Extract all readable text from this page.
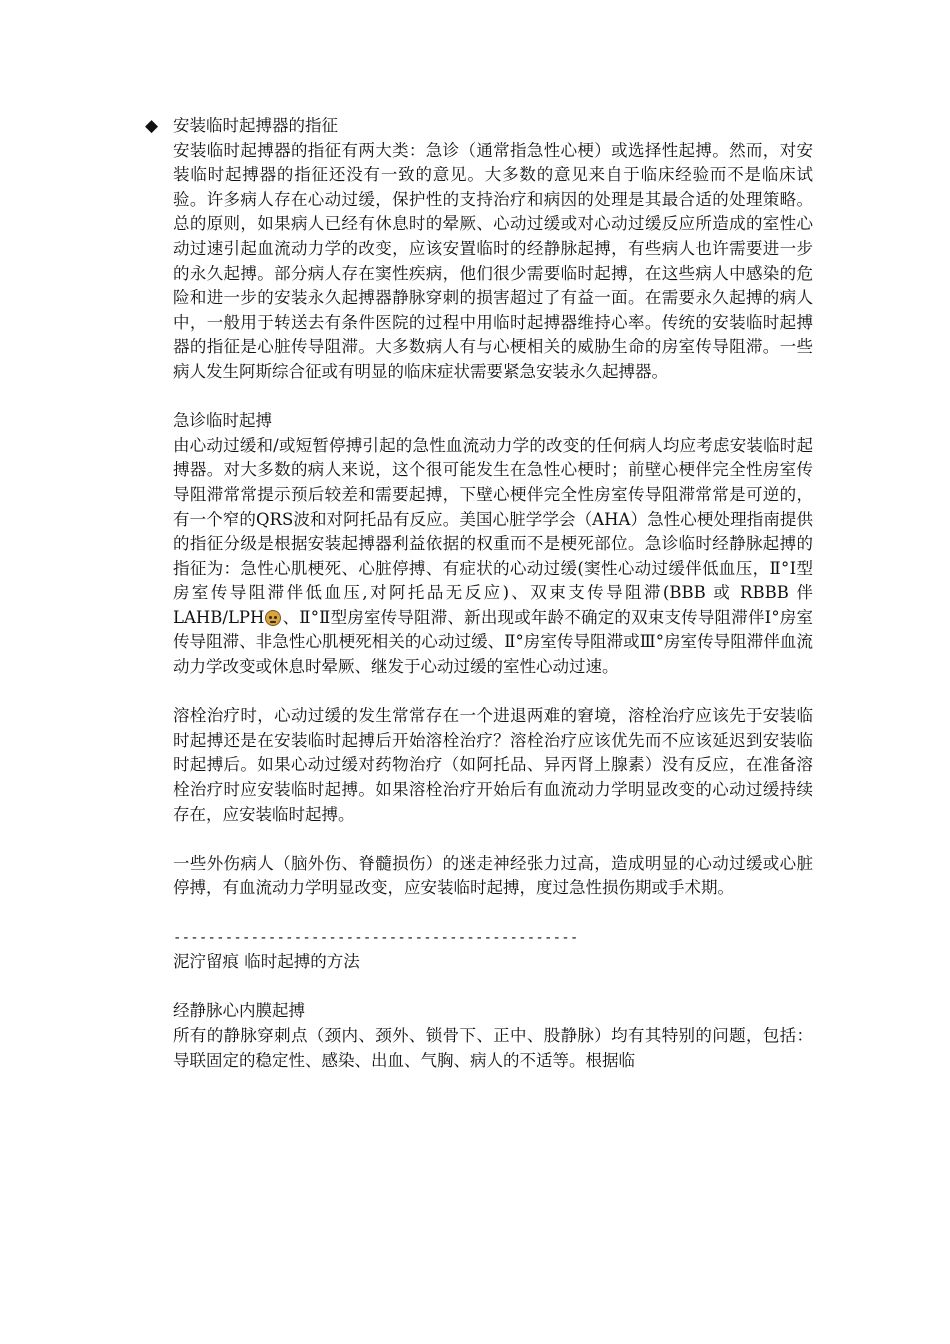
◆ 安装临时起搏器的指征

安装临时起搏器的指征有两大类：急诊（通常指急性心梗）或选择性起搏。然而，对安装临时起搏器的指征还没有一致的意见。大多数的意见来自于临床经验而不是临床试验。许多病人存在心动过缓，保护性的支持治疗和病因的处理是其最合适的处理策略。总的原则，如果病人已经有休息时的晕厥、心动过缓或对心动过缓反应所造成的室性心动过速引起血流动力学的改变，应该安置临时的经静脉起搏，有些病人也许需要进一步的永久起搏。部分病人存在窦性疾病，他们很少需要临时起搏，在这些病人中感染的危险和进一步的安装永久起搏器静脉穿刺的损害超过了有益一面。在需要永久起搏的病人中，一般用于转送去有条件医院的过程中用临时起搏器维持心率。传统的安装临时起搏器的指征是心脏传导阻滞。大多数病人有与心梗相关的威胁生命的房室传导阻滞。一些病人发生阿斯综合征或有明显的临床症状需要紧急安装永久起搏器。

急诊临时起搏

由心动过缓和/或短暂停搏引起的急性血流动力学的改变的任何病人均应考虑安装临时起搏器。对大多数的病人来说，这个很可能发生在急性心梗时；前壁心梗伴完全性房室传导阻滞常常提示预后较差和需要起搏，下壁心梗伴完全性房室传导阻滞常常是可逆的，有一个窄的QRS波和对阿托品有反应。美国心脏学学会（AHA）急性心梗处理指南提供的指征分级是根据安装起搏器利益依据的权重而不是梗死部位。急诊临时经静脉起搏的指征为：急性心肌梗死、心脏停搏、有症状的心动过缓(窦性心动过缓伴低血压，Ⅱ°Ⅰ型房室传导阻滞伴低血压,对阿托品无反应)、双束支传导阻滞(BBB 或 RBBB 伴 LAHB/LPH 、Ⅱ°Ⅱ型房室传导阻滞、新出现或年龄不确定的双束支传导阻滞伴Ⅰ°房室传导阻滞、非急性心肌梗死相关的心动过缓、Ⅱ°房室传导阻滞或Ⅲ°房室传导阻滞伴血流动力学改变或休息时晕厥、继发于心动过缓的室性心动过速。

溶栓治疗时，心动过缓的发生常常存在一个进退两难的窘境，溶栓治疗应该先于安装临时起搏还是在安装临时起搏后开始溶栓治疗？溶栓治疗应该优先而不应该延迟到安装临时起搏后。如果心动过缓对药物治疗（如阿托品、异丙肾上腺素）没有反应，在准备溶栓治疗时应安装临时起搏。如果溶栓治疗开始后有血流动力学明显改变的心动过缓持续存在，应安装临时起搏。

一些外伤病人（脑外伤、脊髓损伤）的迷走神经张力过高，造成明显的心动过缓或心脏停搏，有血流动力学明显改变，应安装临时起搏，度过急性损伤期或手术期。

-----------------------------------------------

泥泞留痕 临时起搏的方法

经静脉心内膜起搏

所有的静脉穿刺点（颈内、颈外、锁骨下、正中、股静脉）均有其特别的问题，包括：导联固定的稳定性、感染、出血、气胸、病人的不适等。根据临
